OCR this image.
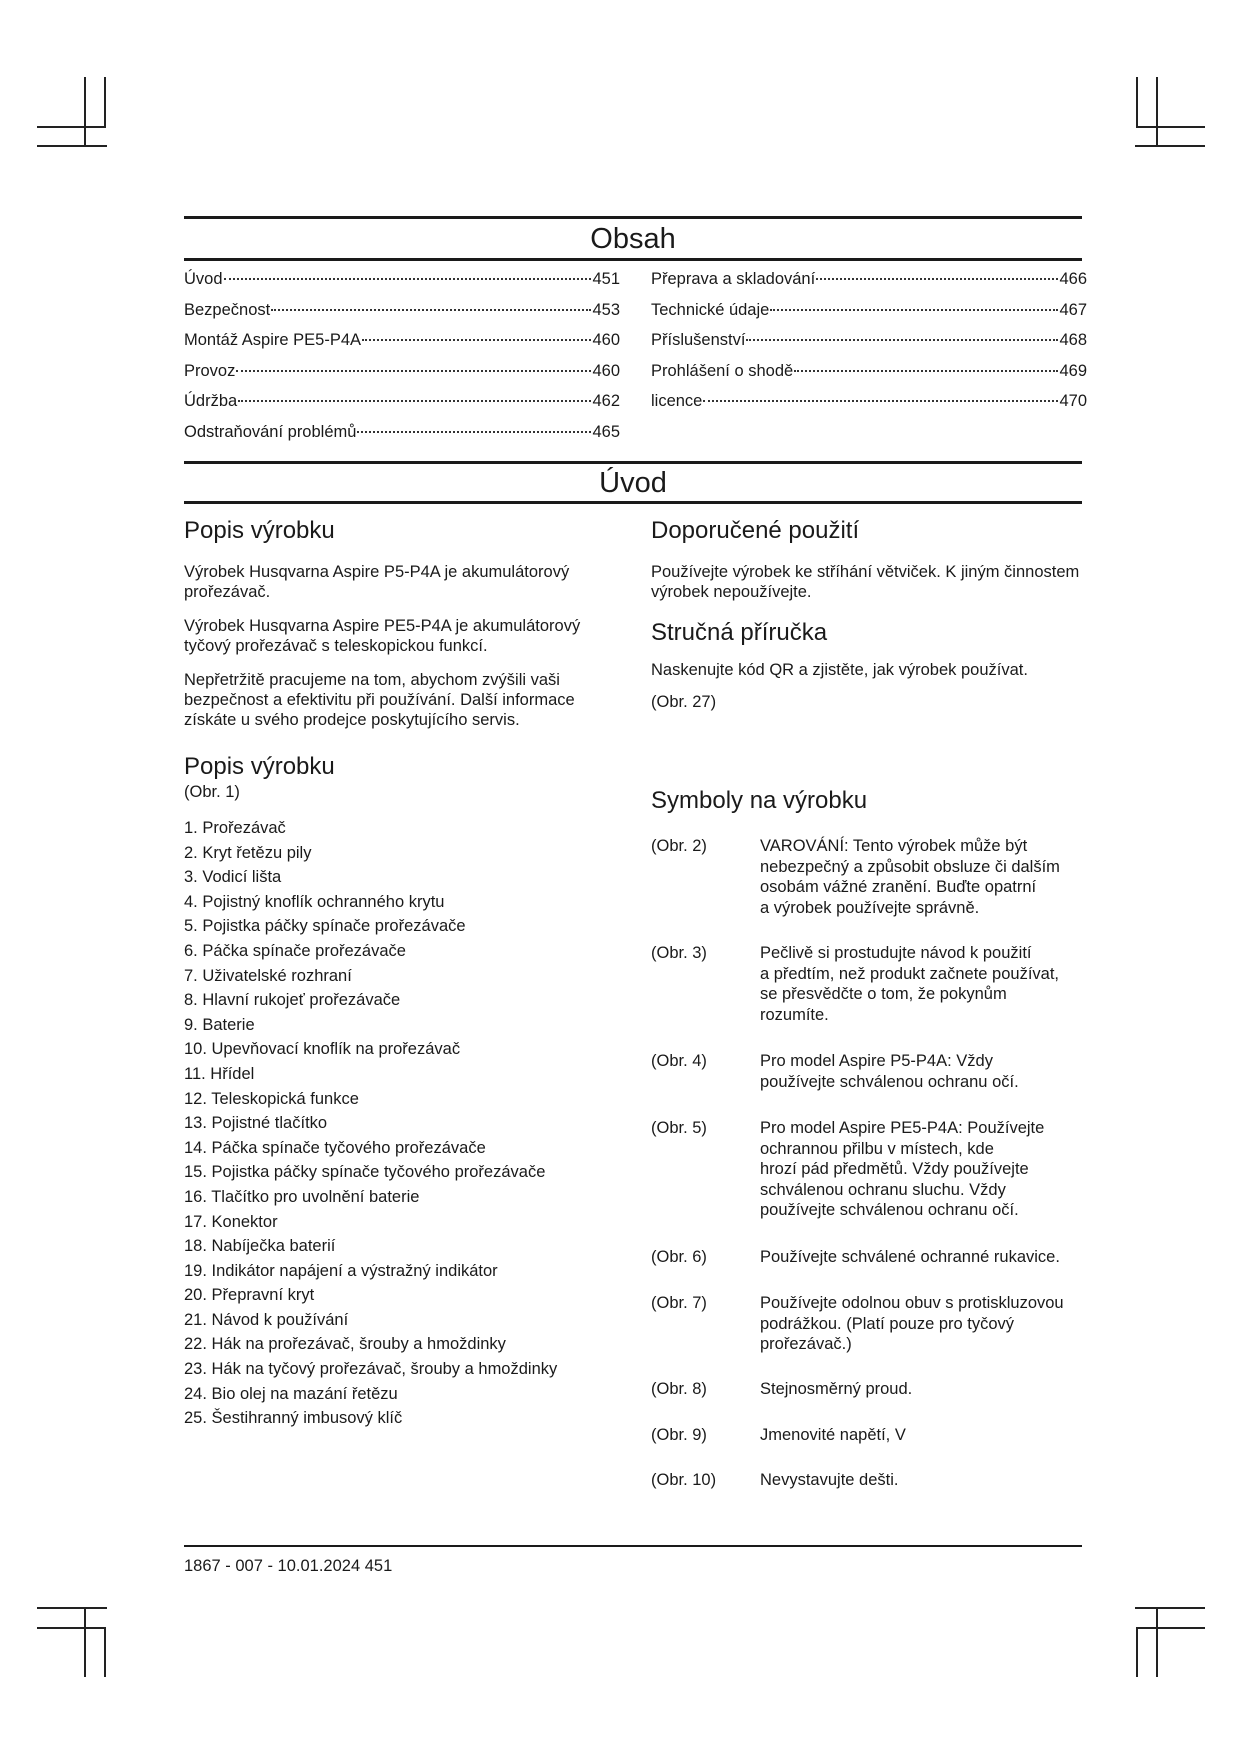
Obsah
Úvod	451
Bezpečnost	453
Montáž Aspire PE5-P4A	460
Provoz	460
Údržba	462
Odstraňování problémů	465
Přeprava a skladování	466
Technické údaje	467
Příslušenství	468
Prohlášení o shodě	469
licence	470
Úvod
Popis výrobku

Výrobek Husqvarna Aspire P5-P4A je akumulátorový prořezávač.

Výrobek Husqvarna Aspire PE5-P4A je akumulátorový tyčový prořezávač s teleskopickou funkcí.

Nepřetržitě pracujeme na tom, abychom zvýšili vaši bezpečnost a efektivitu při používání. Další informace získáte u svého prodejce poskytujícího servis.

Popis výrobku

(Obr. 1)

1. Prořezávač
2. Kryt řetězu pily
3. Vodicí lišta
4. Pojistný knoflík ochranného krytu
5. Pojistka páčky spínače prořezávače
6. Páčka spínače prořezávače
7. Uživatelské rozhraní
8. Hlavní rukojeť prořezávače
9. Baterie
10. Upevňovací knoflík na prořezávač
11. Hřídel
12. Teleskopická funkce
13. Pojistné tlačítko
14. Páčka spínače tyčového prořezávače
15. Pojistka páčky spínače tyčového prořezávače
16. Tlačítko pro uvolnění baterie
17. Konektor
18. Nabíječka baterií
19. Indikátor napájení a výstražný indikátor
20. Přepravní kryt
21. Návod k používání
22. Hák na prořezávač, šrouby a hmoždinky
23. Hák na tyčový prořezávač, šrouby a hmoždinky
24. Bio olej na mazání řetězu
25. Šestihranný imbusový klíč
Doporučené použití

Používejte výrobek ke stříhání větviček. K jiným činnostem výrobek nepoužívejte.

Stručná příručka

Naskenujte kód QR a zjistěte, jak výrobek používat.

(Obr. 27)

Symboly na výrobku
(Obr. 2)	VAROVÁNÍ: Tento výrobek může být
nebezpečný a způsobit obsluze či dalším
osobám vážné zranění. Buďte opatrní
a výrobek používejte správně.
(Obr. 3)	Pečlivě si prostudujte návod k použití
a předtím, než produkt začnete používat,
se přesvědčte o tom, že pokynům
rozumíte.
(Obr. 4)	Pro model Aspire P5-P4A: Vždy
používejte schválenou ochranu očí.
(Obr. 5)	Pro model Aspire PE5-P4A: Používejte
ochrannou přilbu v místech, kde
hrozí pád předmětů. Vždy používejte
schválenou ochranu sluchu. Vždy
používejte schválenou ochranu očí.
(Obr. 6)	Používejte schválené ochranné rukavice.
(Obr. 7)	Používejte odolnou obuv s protiskluzovou
podrážkou. (Platí pouze pro tyčový
prořezávač.)
(Obr. 8)	Stejnosměrný proud.
(Obr. 9)	Jmenovité napětí, V
(Obr. 10)	Nevystavujte dešti.
1867 - 007 - 10.01.2024 451
